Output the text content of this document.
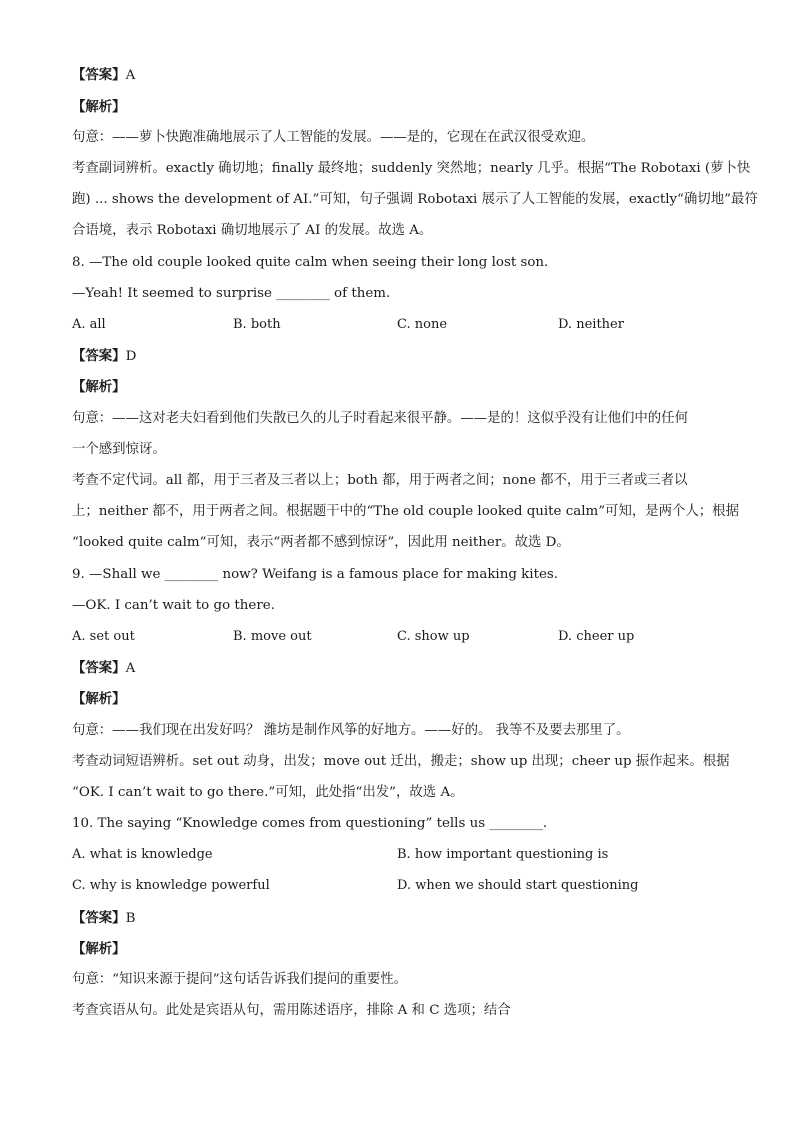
【答案】A
【解析】
句意：——萝卜快跑准确地展示了人工智能的发展。——是的，它现在在武汉很受欢迎。
考查副词辨析。exactly 确切地；finally 最终地；suddenly 突然地；nearly 几乎。根据“The Robotaxi (萝卜快
跑) ... shows the development of AI.”可知，句子强调 Robotaxi 展示了人工智能的发展，exactly“确切地”最符
合语境，表示 Robotaxi 确切地展示了 AI 的发展。故选 A。
8. —The old couple looked quite calm when seeing their long lost son.
—Yeah! It seemed to surprise ________ of them.
A. all	B. both	C. none	D. neither
【答案】D
【解析】
句意：——这对老夫妇看到他们失散已久的儿子时看起来很平静。——是的！这似乎没有让他们中的任何
一个感到惊讶。
考查不定代词。all 都，用于三者及三者以上；both 都，用于两者之间；none 都不，用于三者或三者以
上；neither 都不，用于两者之间。根据题干中的“The old couple looked quite calm”可知，是两个人；根据
“looked quite calm”可知，表示“两者都不感到惊讶”，因此用 neither。故选 D。
9. —Shall we ________ now? Weifang is a famous place for making kites.
—OK. I can’t wait to go there.
A. set out	B. move out	C. show up	D. cheer up
【答案】A
【解析】
句意：——我们现在出发好吗？ 潍坊是制作风筝的好地方。——好的。 我等不及要去那里了。
考查动词短语辨析。set out 动身，出发；move out 迁出，搬走；show up 出现；cheer up 振作起来。根据
“OK. I can’t wait to go there.”可知，此处指“出发”，故选 A。
10. The saying “Knowledge comes from questioning” tells us ________.
A. what is knowledge	B. how important questioning is
C. why is knowledge powerful	D. when we should start questioning
【答案】B
【解析】
句意：“知识来源于提问”这句话告诉我们提问的重要性。
考查宾语从句。此处是宾语从句，需用陈述语序，排除 A 和 C 选项；结合
